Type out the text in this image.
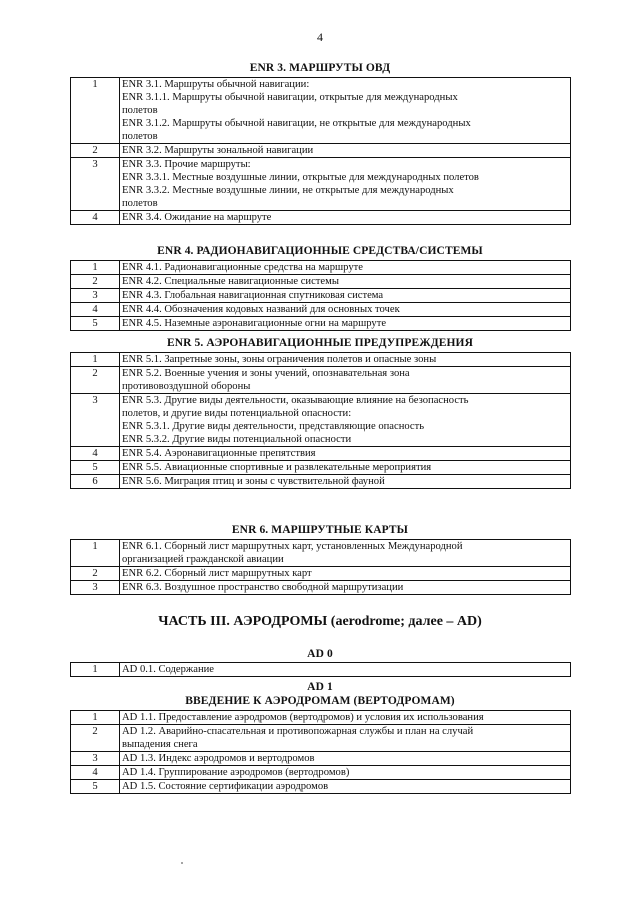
4
ENR 3. МАРШРУТЫ ОВД
1	ENR 3.1. Маршруты обычной навигации:
ENR 3.1.1. Маршруты обычной навигации, открытые для международных
полетов
ENR 3.1.2. Маршруты обычной навигации, не открытые для международных
полетов

2	ENR 3.2. Маршруты зональной навигации

3	ENR 3.3. Прочие маршруты:
ENR 3.3.1. Местные воздушные линии, открытые для международных полетов
ENR 3.3.2. Местные воздушные линии, не открытые для международных
полетов

4	ENR 3.4. Ожидание на маршруте
ENR 4. РАДИОНАВИГАЦИОННЫЕ СРЕДСТВА/СИСТЕМЫ
1	ENR 4.1. Радионавигационные средства на маршруте

2	ENR 4.2. Специальные навигационные системы

3	ENR 4.3. Глобальная навигационная спутниковая система

4	ENR 4.4. Обозначения кодовых названий для основных точек

5	ENR 4.5. Наземные аэронавигационные огни на маршруте
ENR 5. АЭРОНАВИГАЦИОННЫЕ ПРЕДУПРЕЖДЕНИЯ
1	ENR 5.1. Запретные зоны, зоны ограничения полетов и опасные зоны

2	ENR 5.2. Военные учения и зоны учений, опознавательная зона
противовоздушной обороны

3	ENR 5.3. Другие виды деятельности, оказывающие влияние на безопасность
полетов, и другие виды потенциальной опасности:
ENR 5.3.1. Другие виды деятельности, представляющие опасность
ENR 5.3.2. Другие виды потенциальной опасности

4	ENR 5.4. Аэронавигационные препятствия

5	ENR 5.5. Авиационные спортивные и развлекательные мероприятия

6	ENR 5.6. Миграция птиц и зоны с чувствительной фауной
ENR 6. МАРШРУТНЫЕ КАРТЫ
1	ENR 6.1. Сборный лист маршрутных карт, установленных Международной
организацией гражданской авиации

2	ENR 6.2. Сборный лист маршрутных карт

3	ENR 6.3. Воздушное пространство свободной маршрутизации
ЧАСТЬ III. АЭРОДРОМЫ (aerodrome; далее – AD)
AD 0
1	AD 0.1. Содержание
AD 1
ВВЕДЕНИЕ К АЭРОДРОМАМ (ВЕРТОДРОМАМ)
1	AD 1.1. Предоставление аэродромов (вертодромов) и условия их использования

2	AD 1.2. Аварийно-спасательная и противопожарная службы и план на случай
выпадения снега

3	AD 1.3. Индекс аэродромов и вертодромов

4	AD 1.4. Группирование аэродромов (вертодромов)

5	AD 1.5. Состояние сертификации аэродромов
